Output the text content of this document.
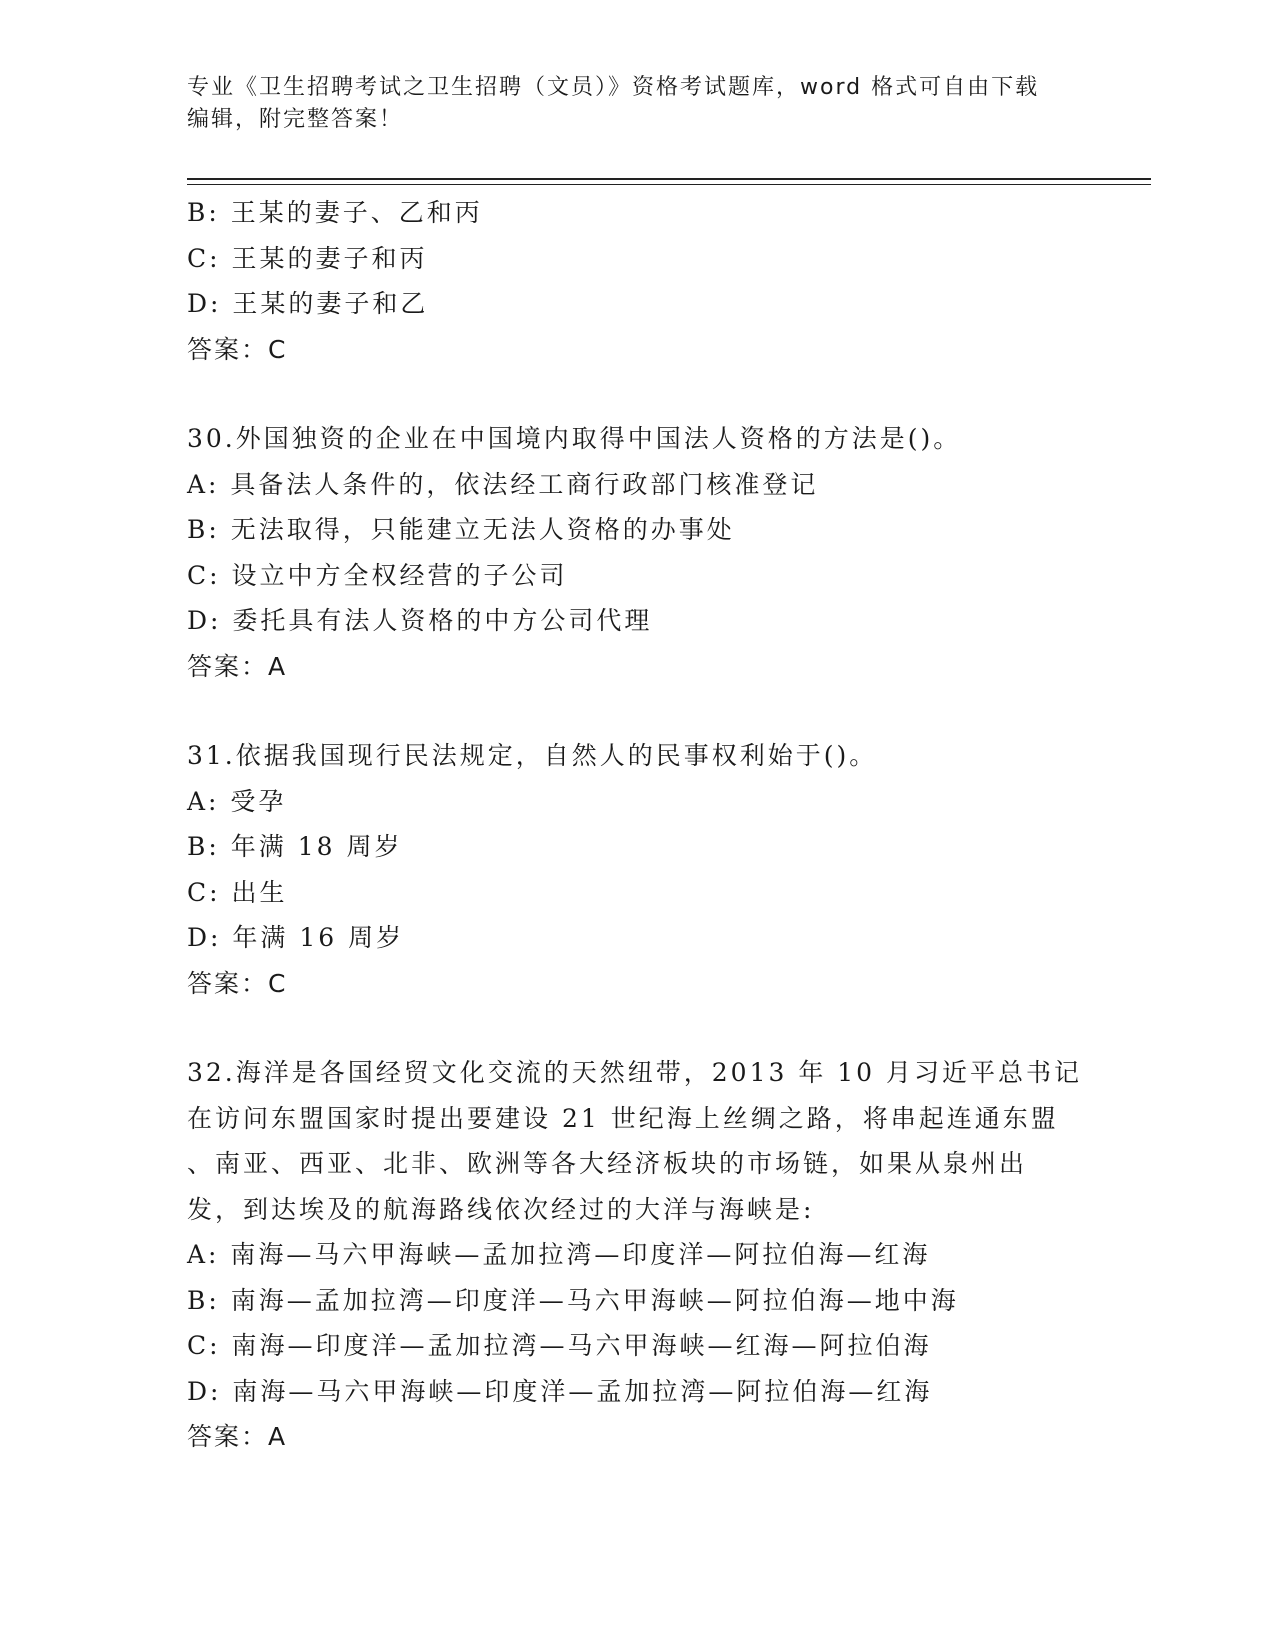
专业《卫生招聘考试之卫生招聘（文员）》资格考试题库，word 格式可自由下载
编辑，附完整答案！
B: 王某的妻子、乙和丙
C: 王某的妻子和丙
D: 王某的妻子和乙
答案：C
30.外国独资的企业在中国境内取得中国法人资格的方法是()。
A: 具备法人条件的，依法经工商行政部门核准登记
B: 无法取得，只能建立无法人资格的办事处
C: 设立中方全权经营的子公司
D: 委托具有法人资格的中方公司代理
答案：A
31.依据我国现行民法规定，自然人的民事权利始于()。
A: 受孕
B: 年满 18 周岁
C: 出生
D: 年满 16 周岁
答案：C
32.海洋是各国经贸文化交流的天然纽带，2013 年 10 月习近平总书记
在访问东盟国家时提出要建设 21 世纪海上丝绸之路，将串起连通东盟
、南亚、西亚、北非、欧洲等各大经济板块的市场链，如果从泉州出
发，到达埃及的航海路线依次经过的大洋与海峡是:
A: 南海—马六甲海峡—孟加拉湾—印度洋—阿拉伯海—红海
B: 南海—孟加拉湾—印度洋—马六甲海峡—阿拉伯海—地中海
C: 南海—印度洋—孟加拉湾—马六甲海峡—红海—阿拉伯海
D: 南海—马六甲海峡—印度洋—孟加拉湾—阿拉伯海—红海
答案：A
